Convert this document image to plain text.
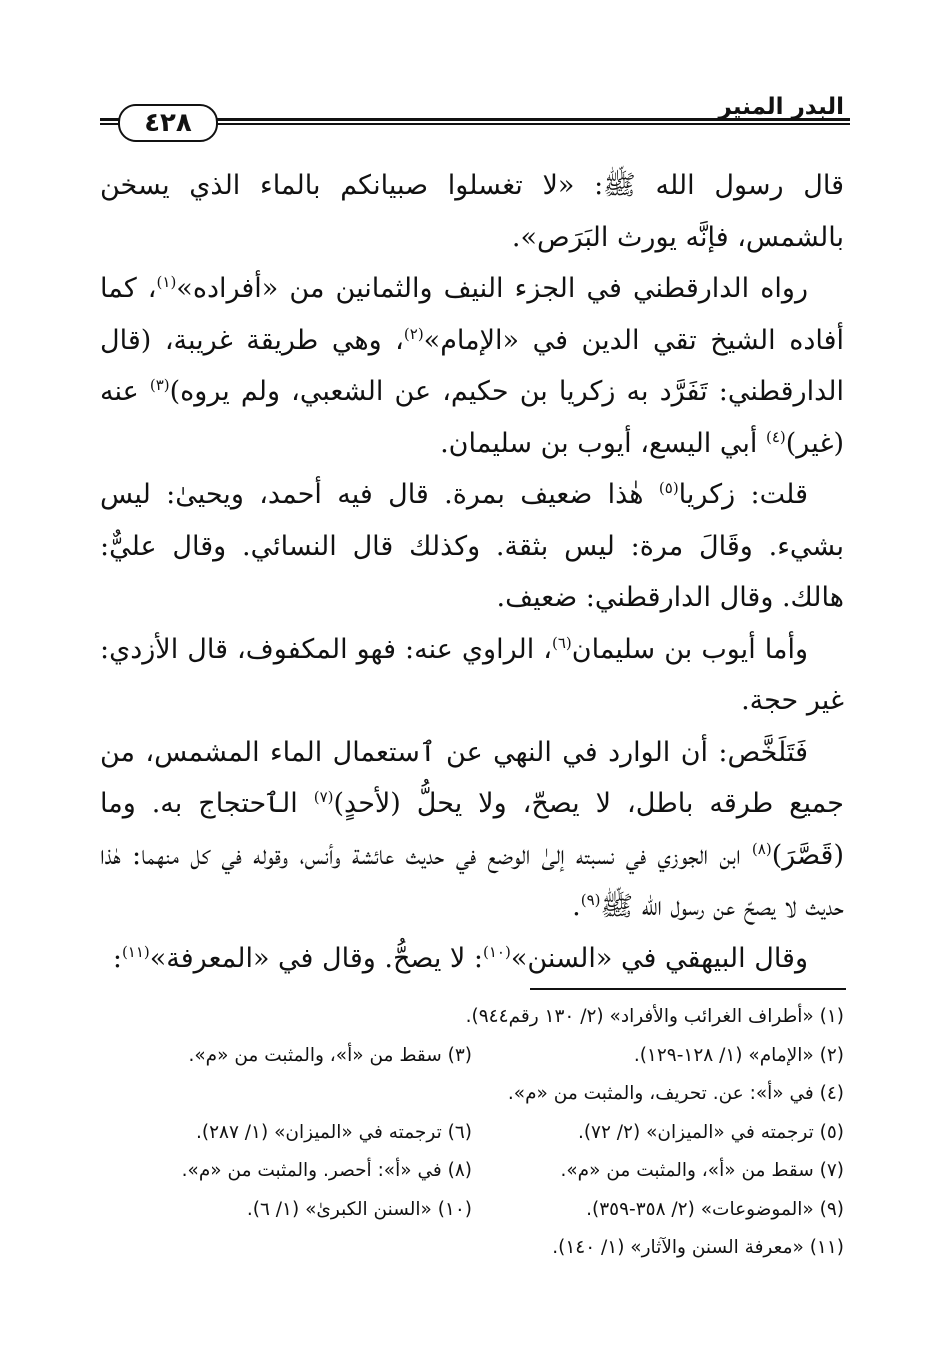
٤٢٨
البدر المنير

قال رسول الله ﷺ: «لا تغسلوا صبيانكم بالماء الذي يسخن بالشمس، فإنَّه يورث البَرَص».

رواه الدارقطني في الجزء النيف والثمانين من «أفراده»$^{(١)}$، كما أفاده الشيخ تقي الدين في «الإمام»$^{(٢)}$، وهي طريقة غريبة، (قال الدارقطني: تَفَرَّد به زكريا بن حكيم، عن الشعبي، ولم يروه)$^{(٣)}$ عنه (غير)$^{(٤)}$ أبي اليسع، أيوب بن سليمان.

قلت: زكريا$^{(٥)}$ هٰذا ضعيف بمرة. قال فيه أحمد، ويحيىٰ: ليس بشيء. وقَالَ مرة: ليس بثقة. وكذلك قال النسائي. وقال عليٌّ: هالك. وقال الدارقطني: ضعيف.

وأما أيوب بن سليمان$^{(٦)}$، الراوي عنه: فهو المكفوف، قال الأزدي: غير حجة.

فَتَلَخَّص: أن الوارد في النهي عن ٱستعمال الماء المشمس، من جميع طرقه باطل، لا يصحّ، ولا يحلُّ (لأحدٍ)$^{(٧)}$ الٱحتجاج به. وما (قَصَّرَ)$^{(٨)}$ ابن الجوزي في نسبته إلىٰ الوضع في حديث عائشة وأنس، وقوله في كل منهما: هٰذا حديث لا يصحّ عن رسول الله ﷺ$^{(٩)}$.

وقال البيهقي في «السنن»$^{(١٠)}$: لا يصحُّ. وقال في «المعرفة»$^{(١١)}$:

(١) «أطراف الغرائب والأفراد» (٢/ ١٣٠ رقم٩٤٤).
(٢) «الإمام» (١/ ١٢٨-١٢٩).
(٣) سقط من «أ»، والمثبت من «م».
(٤) في «أ»: عن. تحريف، والمثبت من «م».
(٥) ترجمته في «الميزان» (٢/ ٧٢).
(٦) ترجمته في «الميزان» (١/ ٢٨٧).
(٧) سقط من «أ»، والمثبت من «م».
(٨) في «أ»: أحصر. والمثبت من «م».
(٩) «الموضوعات» (٢/ ٣٥٨-٣٥٩).
(١٠) «السنن الكبرىٰ» (١/ ٦).
(١١) «معرفة السنن والآثار» (١/ ١٤٠).
